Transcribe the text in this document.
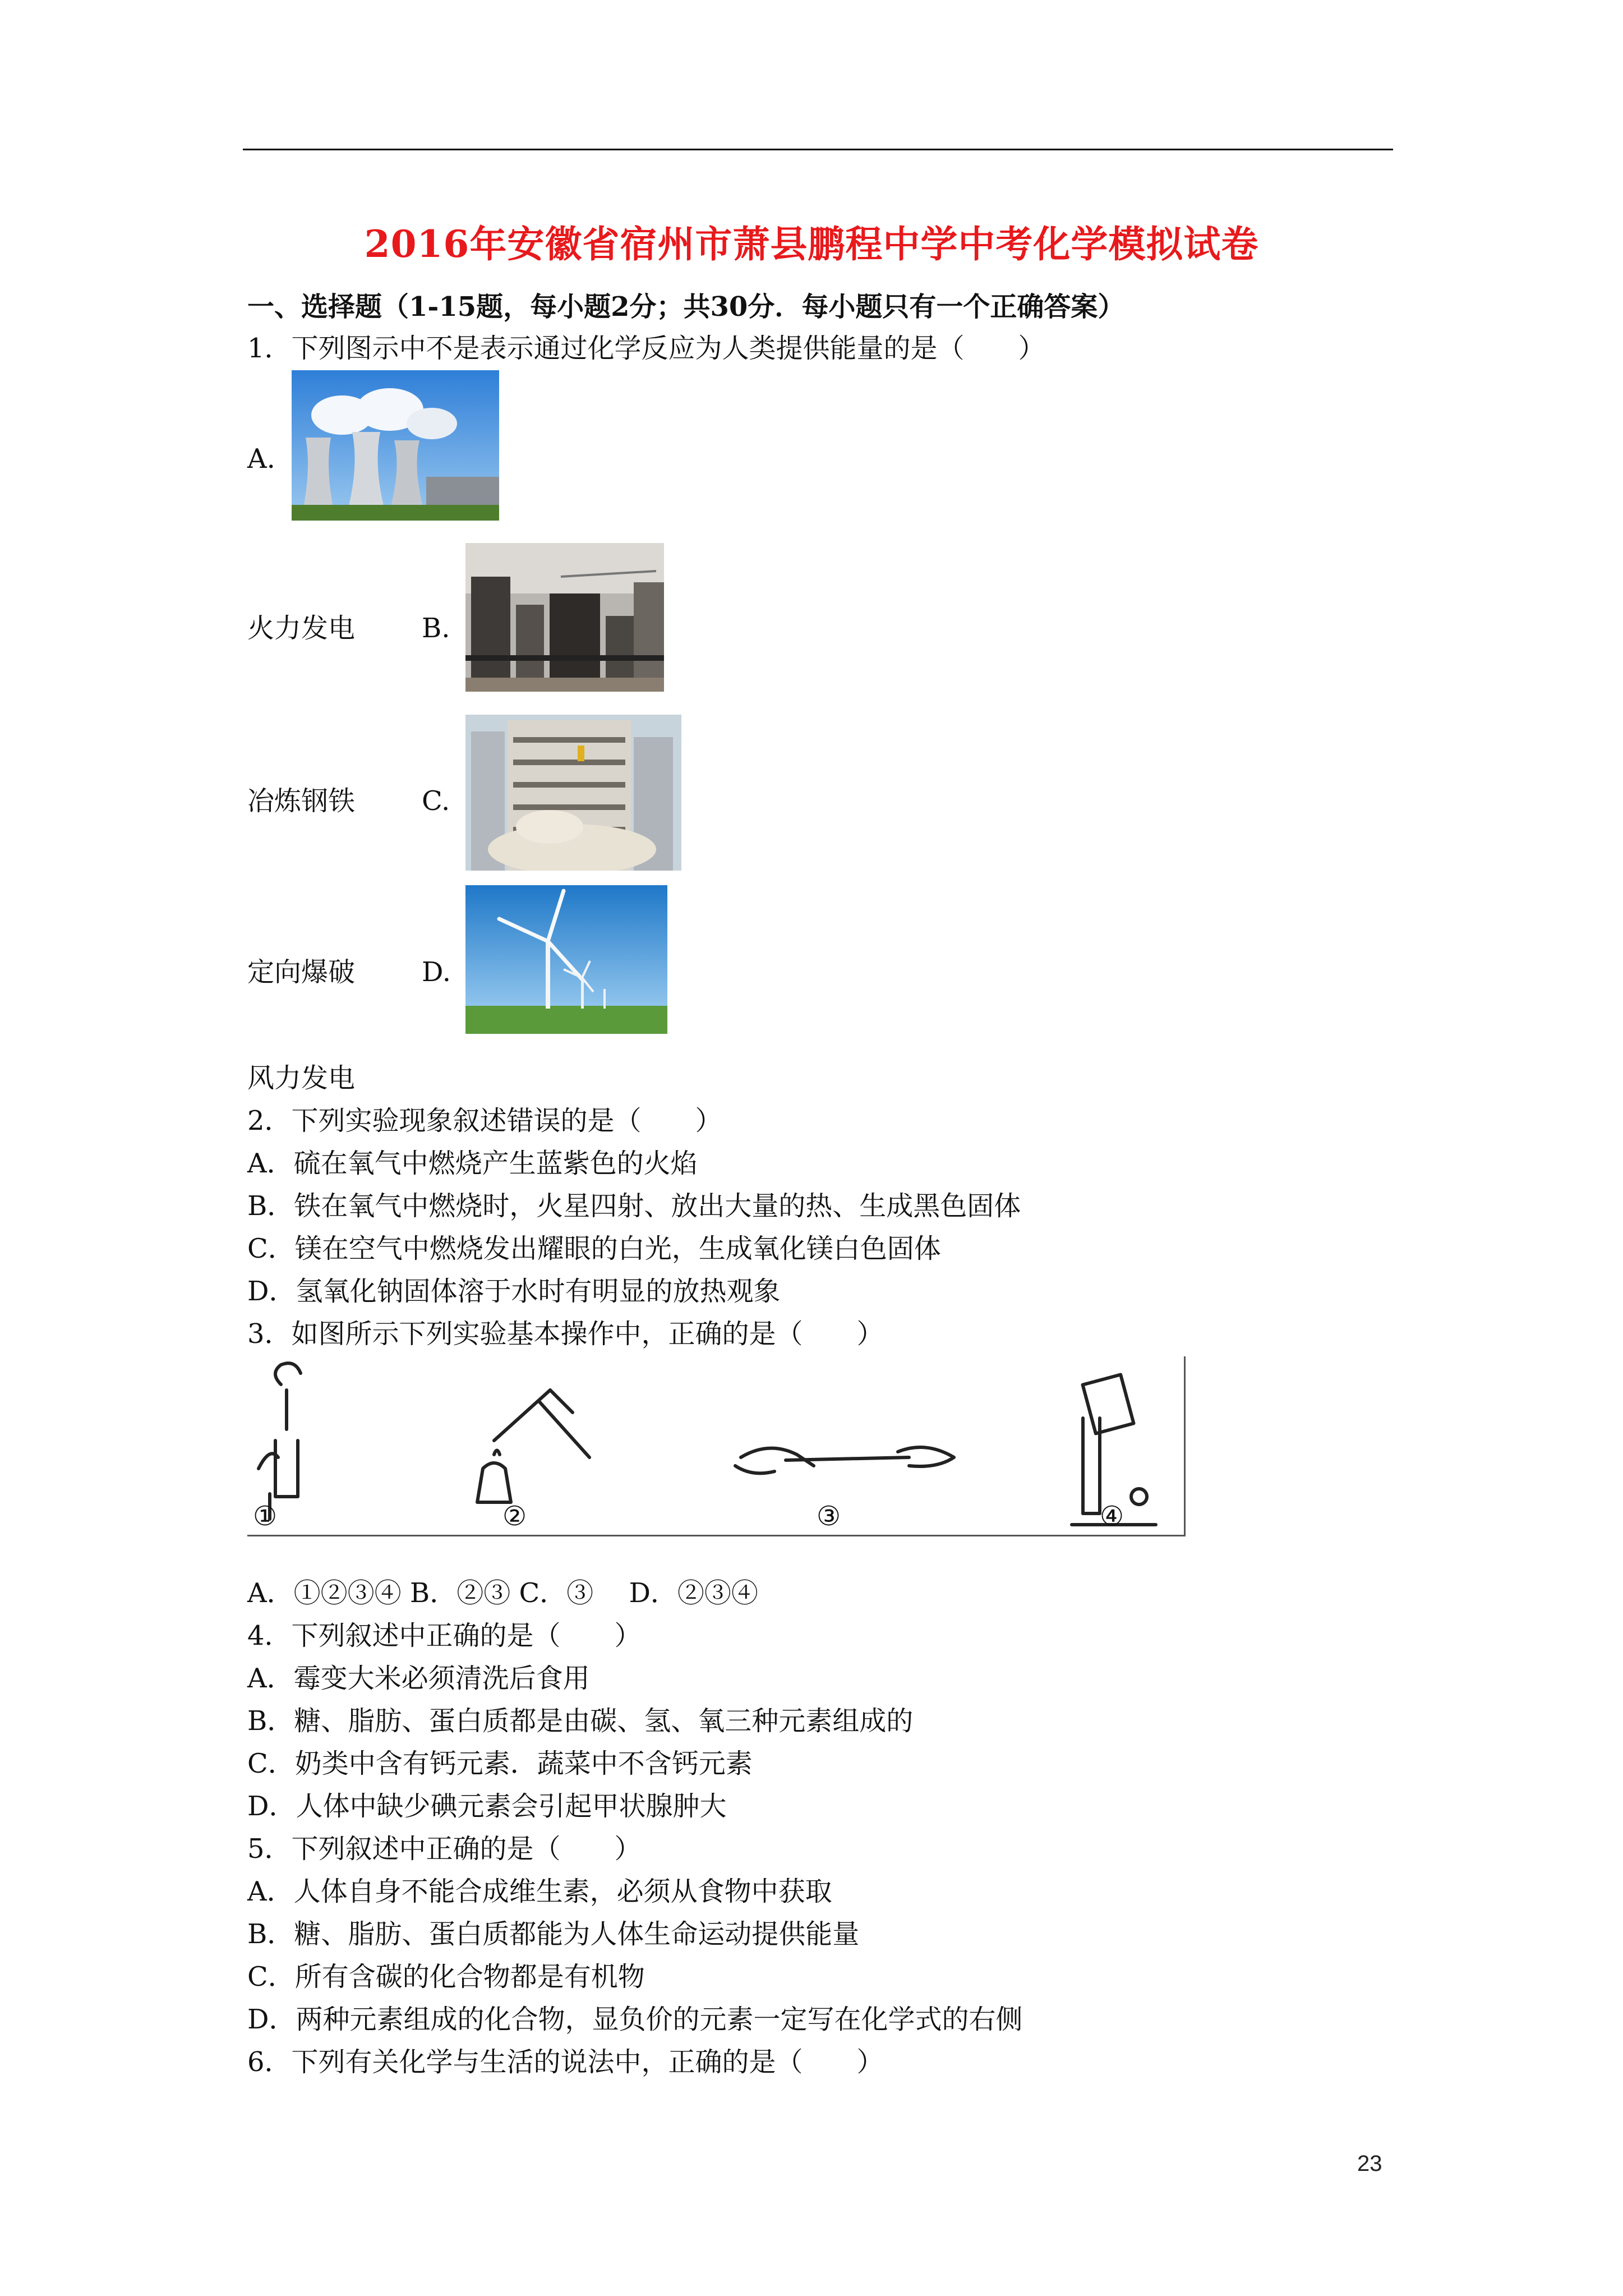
2016年安徽省宿州市萧县鹏程中学中考化学模拟试卷
一、选择题（1-15题，每小题2分；共30分．每小题只有一个正确答案）
1．下列图示中不是表示通过化学反应为人类提供能量的是（　　）
A.
火力发电 B.
冶炼钢铁 C.
定向爆破 D.
风力发电
2．下列实验现象叙述错误的是（　　）
A．硫在氧气中燃烧产生蓝紫色的火焰
B．铁在氧气中燃烧时，火星四射、放出大量的热、生成黑色固体
C．镁在空气中燃烧发出耀眼的白光，生成氧化镁白色固体
D．氢氧化钠固体溶于水时有明显的放热观象
3．如图所示下列实验基本操作中，正确的是（　　）
①	②	③	④
A．①②③④ B．②③ C．③　 D．②③④
4．下列叙述中正确的是（　　）
A．霉变大米必须清洗后食用
B．糖、脂肪、蛋白质都是由碳、氢、氧三种元素组成的
C．奶类中含有钙元素．蔬菜中不含钙元素
D．人体中缺少碘元素会引起甲状腺肿大
5．下列叙述中正确的是（　　）
A．人体自身不能合成维生素，必须从食物中获取
B．糖、脂肪、蛋白质都能为人体生命运动提供能量
C．所有含碳的化合物都是有机物
D．两种元素组成的化合物，显负价的元素一定写在化学式的右侧
6．下列有关化学与生活的说法中，正确的是（　　）
23
